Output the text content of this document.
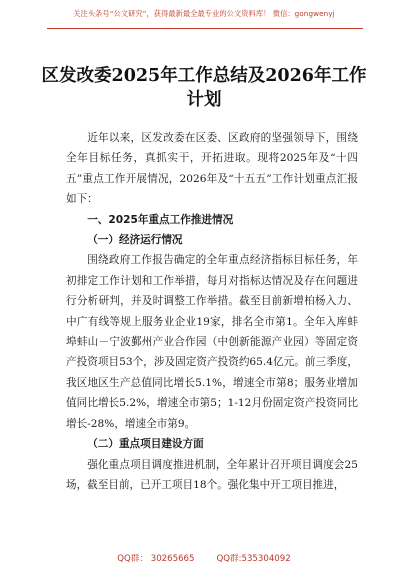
关注头条号“公文研究”，获得最新最全最专业的公文资料库！ 微信：gongwenyj
区发改委2025年工作总结及2026年工作计划

近年以来，区发改委在区委、区政府的坚强领导下，围绕全年目标任务，真抓实干，开拓进取。现将2025年及“十四五”重点工作开展情况，2026年及“十五五”工作计划重点汇报如下：

一、2025年重点工作推进情况

（一）经济运行情况

围绕政府工作报告确定的全年重点经济指标目标任务，年初排定工作计划和工作举措，每月对指标达情况及存在问题进行分析研判，并及时调整工作举措。截至目前新增柏杨入力、中广有线等规上服务业企业19家，排名全市第1。全年入库蚌埠蚌山－宁波鄞州产业合作园（中创新能源产业园）等固定资产投资项目53个，涉及固定资产投资约65.4亿元。前三季度，我区地区生产总值同比增长5.1%，增速全市第8；服务业增加值同比增长5.2%，增速全市第5；1-12月份固定资产投资同比增长-28%，增速全市第9。

（二）重点项目建设方面

强化重点项目调度推进机制，全年累计召开项目调度会25场，截至目前，已开工项目18个。强化集中开工项目推进，

QQ群： 30265665	QQ群:535304092
